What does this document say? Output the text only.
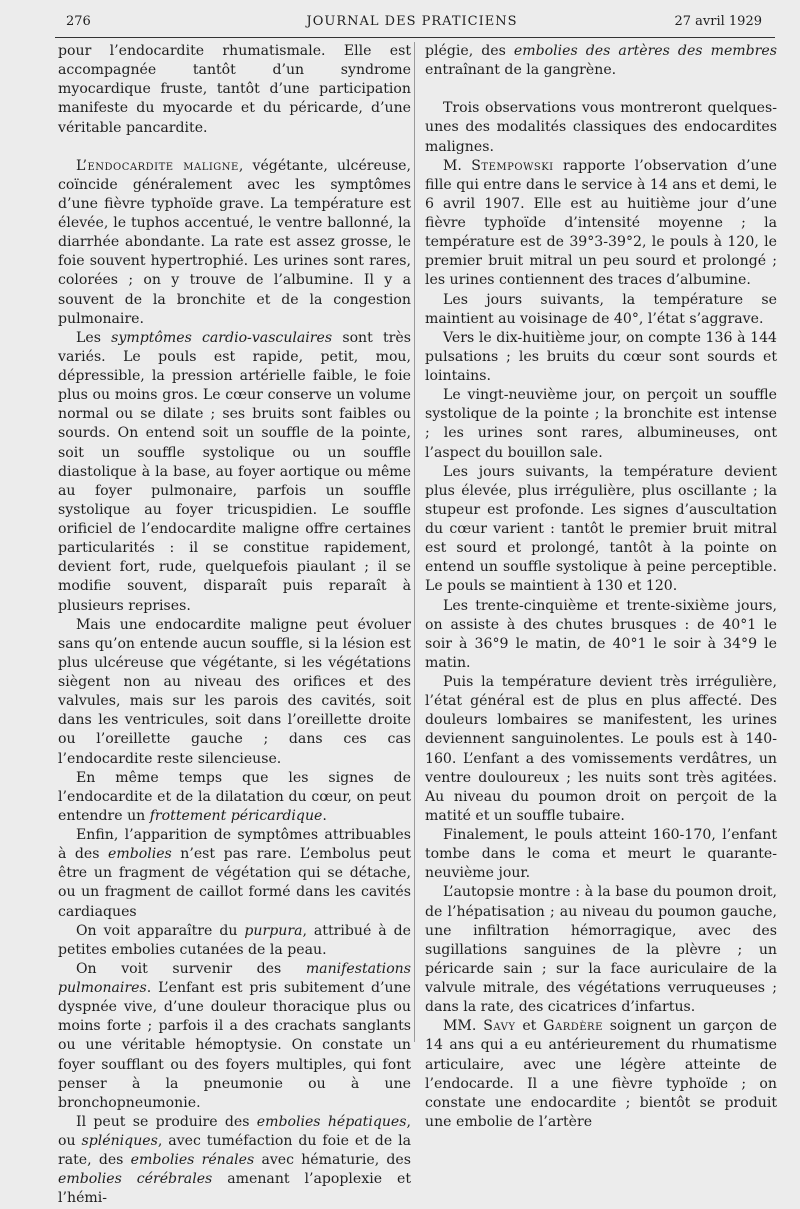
276	JOURNAL DES PRATICIENS	27 avril 1929

pour l’endocardite rhumatismale. Elle est accompagnée tantôt d’un syndrome myocardique fruste, tantôt d’une participation manifeste du myocarde et du péricarde, d’une véritable pancardite.

L’endocardite maligne, végétante, ulcéreuse, coïncide généralement avec les symptômes d’une fièvre typhoïde grave. La température est élevée, le tuphos accentué, le ventre ballonné, la diarrhée abondante. La rate est assez grosse, le foie souvent hypertrophié. Les urines sont rares, colorées ; on y trouve de l’albumine. Il y a souvent de la bronchite et de la congestion pulmonaire.

Les symptômes cardio-vasculaires sont très variés. Le pouls est rapide, petit, mou, dépressible, la pression artérielle faible, le foie plus ou moins gros. Le cœur conserve un volume normal ou se dilate ; ses bruits sont faibles ou sourds. On entend soit un souffle de la pointe, soit un souffle systolique ou un souffle diastolique à la base, au foyer aortique ou même au foyer pulmonaire, parfois un souffle systolique au foyer tricuspidien. Le souffle orificiel de l’endocardite maligne offre certaines particularités : il se constitue rapidement, devient fort, rude, quelquefois piaulant ; il se modifie souvent, disparaît puis reparaît à plusieurs reprises.

Mais une endocardite maligne peut évoluer sans qu’on entende aucun souffle, si la lésion est plus ulcéreuse que végétante, si les végétations siègent non au niveau des orifices et des valvules, mais sur les parois des cavités, soit dans les ventricules, soit dans l’oreillette droite ou l’oreillette gauche ; dans ces cas l’endocardite reste silencieuse.

En même temps que les signes de l’endocardite et de la dilatation du cœur, on peut entendre un frottement péricardique.

Enfin, l’apparition de symptômes attribuables à des embolies n’est pas rare. L’embolus peut être un fragment de végétation qui se détache, ou un fragment de caillot formé dans les cavités cardiaques

On voit apparaître du purpura, attribué à de petites embolies cutanées de la peau.

On voit survenir des manifestations pulmonaires. L’enfant est pris subitement d’une dyspnée vive, d’une douleur thoracique plus ou moins forte ; parfois il a des crachats sanglants ou une véritable hémoptysie. On constate un foyer soufflant ou des foyers multiples, qui font penser à la pneumonie ou à une bronchopneumonie.

Il peut se produire des embolies hépatiques, ou spléniques, avec tuméfaction du foie et de la rate, des embolies rénales avec hématurie, des embolies cérébrales amenant l’apoplexie et l’hémi-

plégie, des embolies des artères des membres entraînant de la gangrène.

Trois observations vous montreront quelques-unes des modalités classiques des endocardites malignes.

M. Stempowski rapporte l’observation d’une fille qui entre dans le service à 14 ans et demi, le 6 avril 1907. Elle est au huitième jour d’une fièvre typhoïde d’intensité moyenne ; la température est de 39°3-39°2, le pouls à 120, le premier bruit mitral un peu sourd et prolongé ; les urines contiennent des traces d’albumine.

Les jours suivants, la température se maintient au voisinage de 40°, l’état s’aggrave.

Vers le dix-huitième jour, on compte 136 à 144 pulsations ; les bruits du cœur sont sourds et lointains.

Le vingt-neuvième jour, on perçoit un souffle systolique de la pointe ; la bronchite est intense ; les urines sont rares, albumineuses, ont l’aspect du bouillon sale.

Les jours suivants, la température devient plus élevée, plus irrégulière, plus oscillante ; la stupeur est profonde. Les signes d’auscultation du cœur varient : tantôt le premier bruit mitral est sourd et prolongé, tantôt à la pointe on entend un souffle systolique à peine perceptible. Le pouls se maintient à 130 et 120.

Les trente-cinquième et trente-sixième jours, on assiste à des chutes brusques : de 40°1 le soir à 36°9 le matin, de 40°1 le soir à 34°9 le matin.

Puis la température devient très irrégulière, l’état général est de plus en plus affecté. Des douleurs lombaires se manifestent, les urines deviennent sanguinolentes. Le pouls est à 140-160. L’enfant a des vomissements verdâtres, un ventre douloureux ; les nuits sont très agitées. Au niveau du poumon droit on perçoit de la matité et un souffle tubaire.

Finalement, le pouls atteint 160-170, l’enfant tombe dans le coma et meurt le quarante-neuvième jour.

L’autopsie montre : à la base du poumon droit, de l’hépatisation ; au niveau du poumon gauche, une infiltration hémorragique, avec des sugillations sanguines de la plèvre ; un péricarde sain ; sur la face auriculaire de la valvule mitrale, des végétations verruqueuses ; dans la rate, des cicatrices d’infartus.

MM. Savy et Gardère soignent un garçon de 14 ans qui a eu antérieurement du rhumatisme articulaire, avec une légère atteinte de l’endocarde. Il a une fièvre typhoïde ; on constate une endocardite ; bientôt se produit une embolie de l’artère
